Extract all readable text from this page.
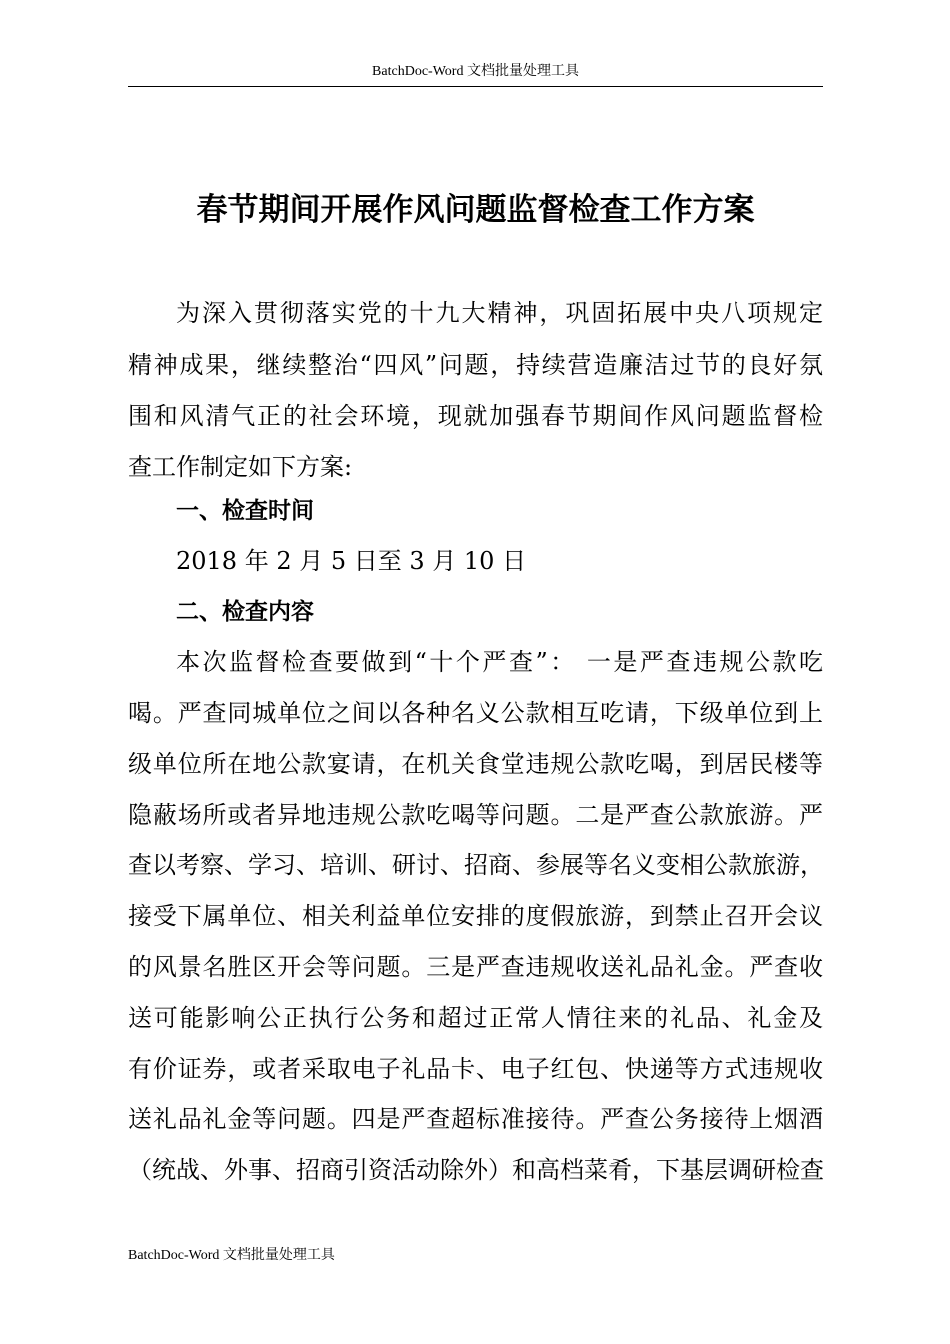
BatchDoc-Word 文档批量处理工具
春节期间开展作风问题监督检查工作方案
为深入贯彻落实党的十九大精神，巩固拓展中央八项规定
精神成果，继续整治“四风”问题，持续营造廉洁过节的良好氛
围和风清气正的社会环境，现就加强春节期间作风问题监督检
查工作制定如下方案:
一、检查时间
2018 年 2 月 5 日至 3 月 10 日
二、检查内容
本次监督检查要做到“十个严查”： 一是严查违规公款吃
喝。严查同城单位之间以各种名义公款相互吃请，下级单位到上
级单位所在地公款宴请，在机关食堂违规公款吃喝，到居民楼等
隐蔽场所或者异地违规公款吃喝等问题。二是严查公款旅游。严
查以考察、学习、培训、研讨、招商、参展等名义变相公款旅游，
接受下属单位、相关利益单位安排的度假旅游，到禁止召开会议
的风景名胜区开会等问题。三是严查违规收送礼品礼金。严查收
送可能影响公正执行公务和超过正常人情往来的礼品、礼金及
有价证券，或者采取电子礼品卡、电子红包、快递等方式违规收
送礼品礼金等问题。四是严查超标准接待。严查公务接待上烟酒
（统战、外事、招商引资活动除外）和高档菜肴，下基层调研检查
BatchDoc-Word 文档批量处理工具
